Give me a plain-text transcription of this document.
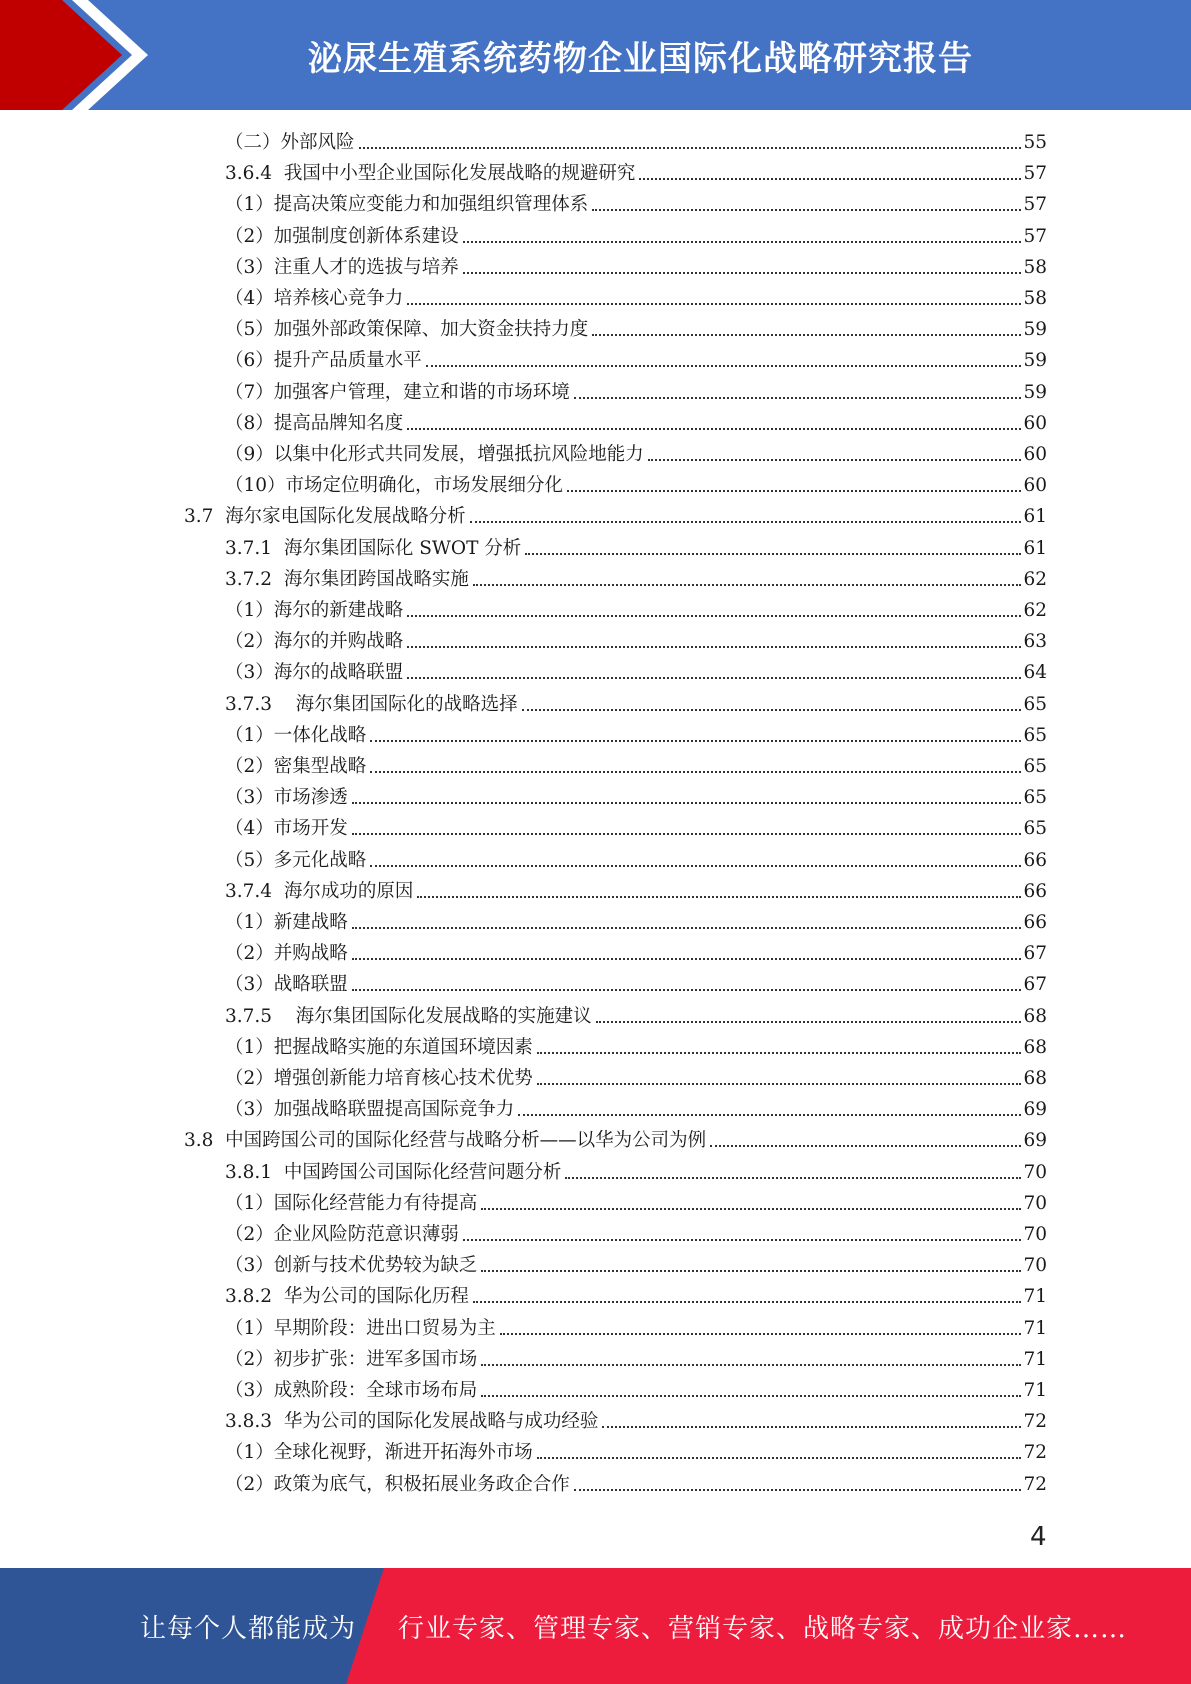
泌尿生殖系统药物企业国际化战略研究报告
（二）外部风险	55
3.6.4  我国中小型企业国际化发展战略的规避研究	57
（1）提高决策应变能力和加强组织管理体系	57
（2）加强制度创新体系建设	57
（3）注重人才的选拔与培养	58
（4）培养核心竞争力	58
（5）加强外部政策保障、加大资金扶持力度	59
（6）提升产品质量水平	59
（7）加强客户管理，建立和谐的市场环境	59
（8）提高品牌知名度	60
（9）以集中化形式共同发展，增强抵抗风险地能力	60
（10）市场定位明确化，市场发展细分化	60
3.7  海尔家电国际化发展战略分析	61
3.7.1  海尔集团国际化 SWOT 分析	61
3.7.2  海尔集团跨国战略实施	62
（1）海尔的新建战略	62
（2）海尔的并购战略	63
（3）海尔的战略联盟	64
3.7.3    海尔集团国际化的战略选择	65
（1）一体化战略	65
（2）密集型战略	65
（3）市场渗透	65
（4）市场开发	65
（5）多元化战略	66
3.7.4  海尔成功的原因	66
（1）新建战略	66
（2）并购战略	67
（3）战略联盟	67
3.7.5    海尔集团国际化发展战略的实施建议	68
（1）把握战略实施的东道国环境因素	68
（2）增强创新能力培育核心技术优势	68
（3）加强战略联盟提高国际竞争力	69
3.8  中国跨国公司的国际化经营与战略分析——以华为公司为例	69
3.8.1  中国跨国公司国际化经营问题分析	70
（1）国际化经营能力有待提高	70
（2）企业风险防范意识薄弱	70
（3）创新与技术优势较为缺乏	70
3.8.2  华为公司的国际化历程	71
（1）早期阶段：进出口贸易为主	71
（2）初步扩张：进军多国市场	71
（3）成熟阶段：全球市场布局	71
3.8.3  华为公司的国际化发展战略与成功经验	72
（1）全球化视野，渐进开拓海外市场	72
（2）政策为底气，积极拓展业务政企合作	72
4
让每个人都能成为 行业专家、管理专家、营销专家、战略专家、成功企业家……
